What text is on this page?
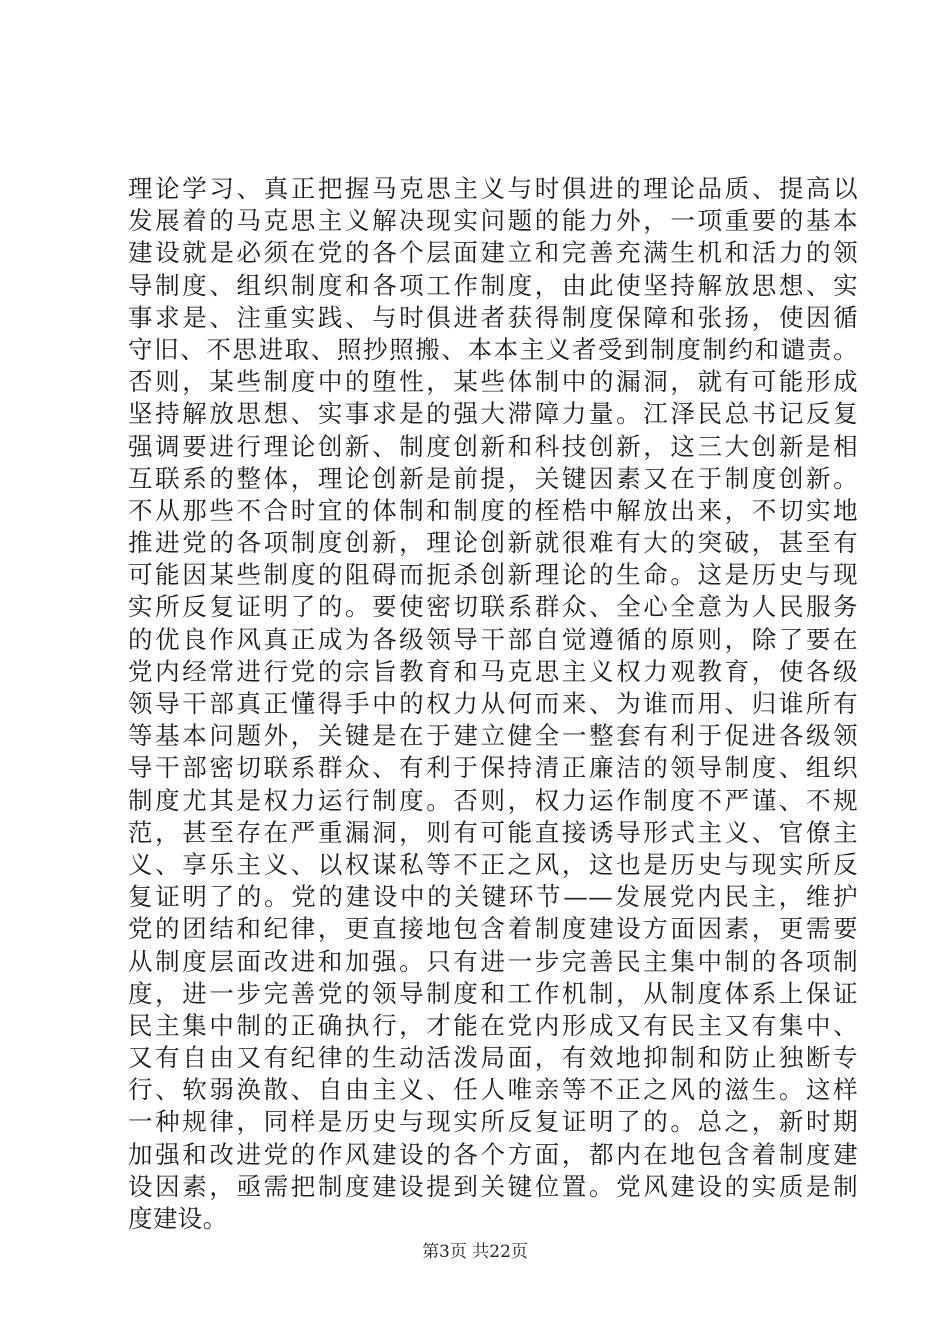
理论学习、真正把握马克思主义与时俱进的理论品质、提高以
发展着的马克思主义解决现实问题的能力外，一项重要的基本
建设就是必须在党的各个层面建立和完善充满生机和活力的领
导制度、组织制度和各项工作制度，由此使坚持解放思想、实
事求是、注重实践、与时俱进者获得制度保障和张扬，使因循
守旧、不思进取、照抄照搬、本本主义者受到制度制约和谴责。
否则，某些制度中的堕性，某些体制中的漏洞，就有可能形成
坚持解放思想、实事求是的强大滞障力量。江泽民总书记反复
强调要进行理论创新、制度创新和科技创新，这三大创新是相
互联系的整体，理论创新是前提，关键因素又在于制度创新。
不从那些不合时宜的体制和制度的桎梏中解放出来，不切实地
推进党的各项制度创新，理论创新就很难有大的突破，甚至有
可能因某些制度的阻碍而扼杀创新理论的生命。这是历史与现
实所反复证明了的。要使密切联系群众、全心全意为人民服务
的优良作风真正成为各级领导干部自觉遵循的原则，除了要在
党内经常进行党的宗旨教育和马克思主义权力观教育，使各级
领导干部真正懂得手中的权力从何而来、为谁而用、归谁所有
等基本问题外，关键是在于建立健全一整套有利于促进各级领
导干部密切联系群众、有利于保持清正廉洁的领导制度、组织
制度尤其是权力运行制度。否则，权力运作制度不严谨、不规
范，甚至存在严重漏洞，则有可能直接诱导形式主义、官僚主
义、享乐主义、以权谋私等不正之风，这也是历史与现实所反
复证明了的。党的建设中的关键环节——发展党内民主，维护
党的团结和纪律，更直接地包含着制度建设方面因素，更需要
从制度层面改进和加强。只有进一步完善民主集中制的各项制
度，进一步完善党的领导制度和工作机制，从制度体系上保证
民主集中制的正确执行，才能在党内形成又有民主又有集中、
又有自由又有纪律的生动活泼局面，有效地抑制和防止独断专
行、软弱涣散、自由主义、任人唯亲等不正之风的滋生。这样
一种规律，同样是历史与现实所反复证明了的。总之，新时期
加强和改进党的作风建设的各个方面，都内在地包含着制度建
设因素，亟需把制度建设提到关键位置。党风建设的实质是制
度建设。
第3页 共22页
